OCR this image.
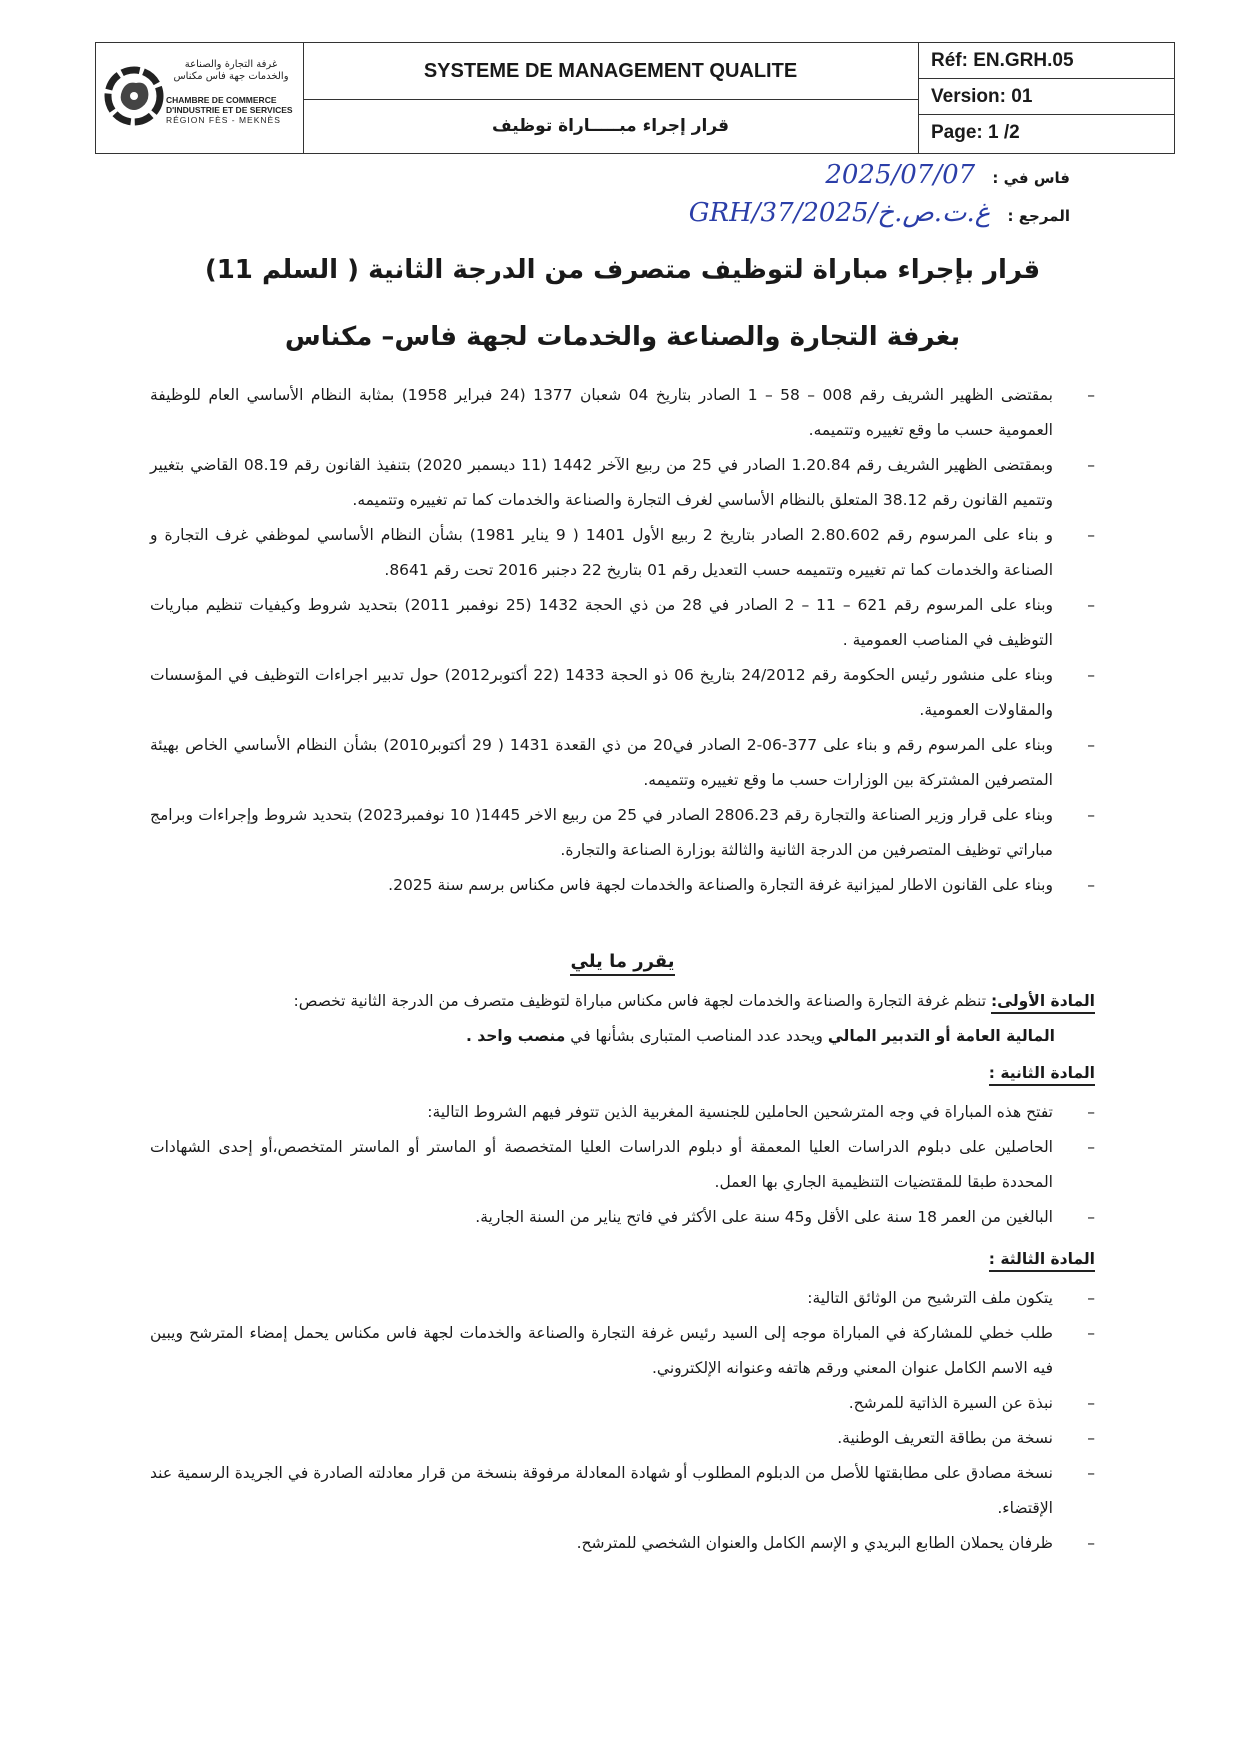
غرفة التجارة والصناعة والخدمات جهة فاس مكناس
CHAMBRE DE COMMERCE
D'INDUSTRIE ET DE SERVICES
RÉGION FÈS - MEKNÈS
SYSTEME DE MANAGEMENT QUALITE
قرار إجراء مبـــــاراة توظيف
Réf: EN.GRH.05
Version: 01
Page: 1 /2
فاس في : 2025/07/07
المرجع : GRH/37/غ.ت.ص.خ/2025
قرار بإجراء مباراة لتوظيف متصرف من الدرجة الثانية ( السلم 11)
بغرفة التجارة والصناعة والخدمات لجهة فاس– مكناس
– بمقتضى الظهير الشريف رقم 008 – 58 – 1 الصادر بتاريخ 04 شعبان 1377 (24 فبراير 1958) بمثابة النظام الأساسي العام للوظيفة العمومية حسب ما وقع تغييره وتتميمه.
– وبمقتضى الظهير الشريف رقم 1.20.84 الصادر في 25 من ربيع الآخر 1442 (11 ديسمبر 2020) بتنفيذ القانون رقم 08.19 القاضي بتغيير وتتميم القانون رقم 38.12 المتعلق بالنظام الأساسي لغرف التجارة والصناعة والخدمات كما تم تغييره وتتميمه.
– و بناء على المرسوم رقم 2.80.602 الصادر بتاريخ 2 ربيع الأول 1401 ( 9 يناير 1981) بشأن النظام الأساسي لموظفي غرف التجارة و الصناعة والخدمات كما تم تغييره وتتميمه حسب التعديل رقم 01 بتاريخ 22 دجنبر 2016 تحت رقم 8641.
– وبناء على المرسوم رقم 621 – 11 – 2 الصادر في 28 من ذي الحجة 1432 (25 نوفمبر 2011) بتحديد شروط وكيفيات تنظيم مباريات التوظيف في المناصب العمومية .
– وبناء على منشور رئيس الحكومة رقم 24/2012 بتاريخ 06 ذو الحجة 1433 (22 أكتوبر2012) حول تدبير اجراءات التوظيف في المؤسسات والمقاولات العمومية.
– وبناء على المرسوم رقم و بناء على 377-06-2 الصادر في20 من ذي القعدة 1431 ( 29 أكتوبر2010) بشأن النظام الأساسي الخاص بهيئة المتصرفين المشتركة بين الوزارات حسب ما وقع تغييره وتتميمه.
– وبناء على قرار وزير الصناعة والتجارة رقم 2806.23 الصادر في 25 من ربيع الاخر 1445( 10 نوفمبر2023) بتحديد شروط وإجراءات وبرامج مباراتي توظيف المتصرفين من الدرجة الثانية والثالثة بوزارة الصناعة والتجارة.
– وبناء على القانون الاطار لميزانية غرفة التجارة والصناعة والخدمات لجهة فاس مكناس برسم سنة 2025.
يقرر ما يلي
المادة الأولى: تنظم غرفة التجارة والصناعة والخدمات لجهة فاس مكناس مباراة لتوظيف متصرف من الدرجة الثانية تخصص:
المالية العامة أو التدبير المالي ويحدد عدد المناصب المتبارى بشأنها في منصب واحد .
المادة الثانية :
– تفتح هذه المباراة في وجه المترشحين الحاملين للجنسية المغربية الذين تتوفر فيهم الشروط التالية:
– الحاصلين على دبلوم الدراسات العليا المعمقة أو دبلوم الدراسات العليا المتخصصة أو الماستر أو الماستر المتخصص،أو إحدى الشهادات المحددة طبقا للمقتضيات التنظيمية الجاري بها العمل.
– البالغين من العمر 18 سنة على الأقل و45 سنة على الأكثر في فاتح يناير من السنة الجارية.
المادة الثالثة :
– يتكون ملف الترشيح من الوثائق التالية:
– طلب خطي للمشاركة في المباراة موجه إلى السيد رئيس غرفة التجارة والصناعة والخدمات لجهة فاس مكناس يحمل إمضاء المترشح ويبين فيه الاسم الكامل عنوان المعني ورقم هاتفه وعنوانه الإلكتروني.
– نبذة عن السيرة الذاتية للمرشح.
– نسخة من بطاقة التعريف الوطنية.
– نسخة مصادق على مطابقتها للأصل من الدبلوم المطلوب أو شهادة المعادلة مرفوقة بنسخة من قرار معادلته الصادرة في الجريدة الرسمية عند الإقتضاء.
– ظرفان يحملان الطابع البريدي و الإسم الكامل والعنوان الشخصي للمترشح.
